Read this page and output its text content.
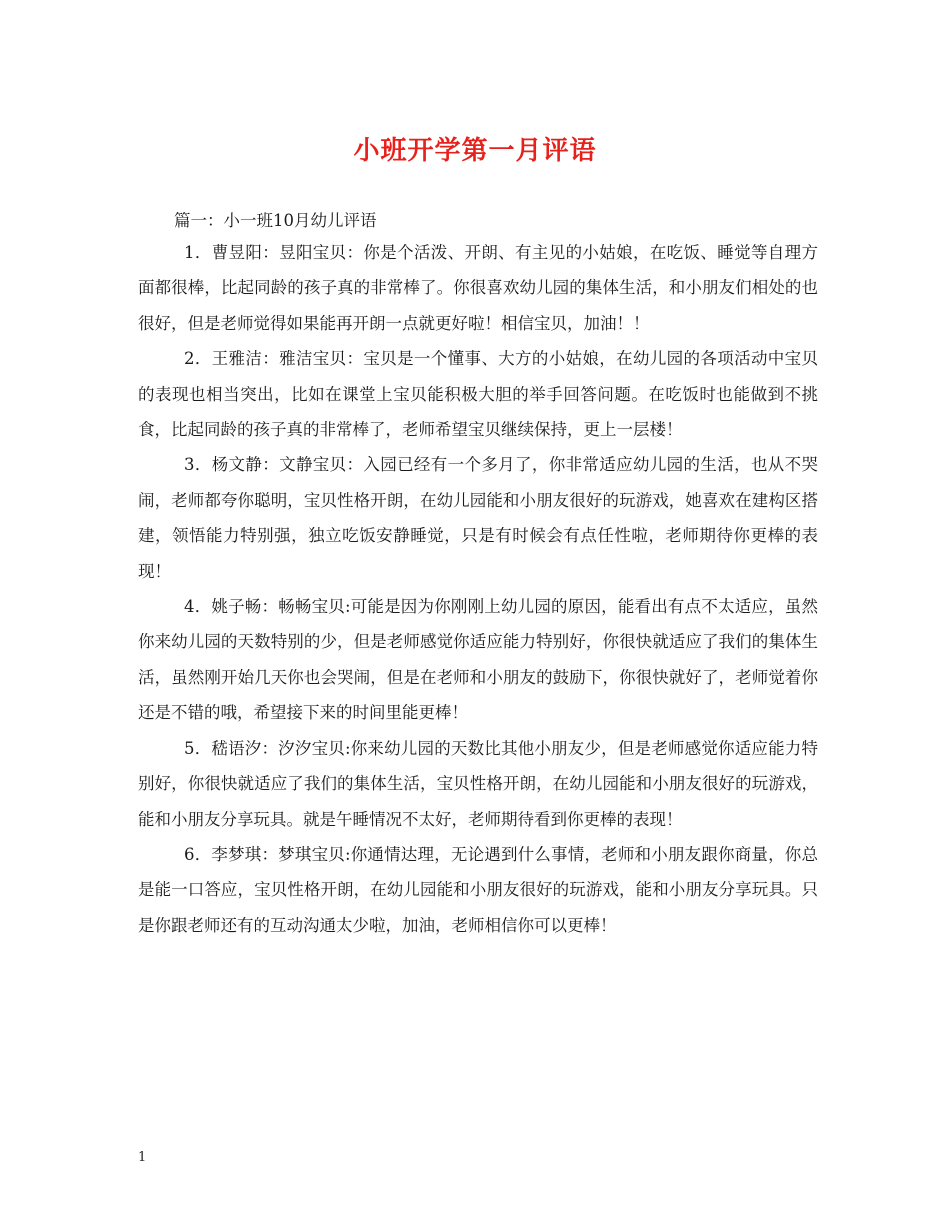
小班开学第一月评语

篇一：小一班10月幼儿评语

1．曹昱阳：昱阳宝贝：你是个活泼、开朗、有主见的小姑娘，在吃饭、睡觉等自理方面都很棒，比起同龄的孩子真的非常棒了。你很喜欢幼儿园的集体生活，和小朋友们相处的也很好，但是老师觉得如果能再开朗一点就更好啦！相信宝贝，加油！！

2．王雅洁：雅洁宝贝：宝贝是一个懂事、大方的小姑娘，在幼儿园的各项活动中宝贝的表现也相当突出，比如在课堂上宝贝能积极大胆的举手回答问题。在吃饭时也能做到不挑食，比起同龄的孩子真的非常棒了，老师希望宝贝继续保持，更上一层楼！

3．杨文静：文静宝贝：入园已经有一个多月了，你非常适应幼儿园的生活，也从不哭闹，老师都夸你聪明，宝贝性格开朗，在幼儿园能和小朋友很好的玩游戏，她喜欢在建构区搭建，领悟能力特别强，独立吃饭安静睡觉，只是有时候会有点任性啦，老师期待你更棒的表现！

4．姚子畅：畅畅宝贝:可能是因为你刚刚上幼儿园的原因，能看出有点不太适应，虽然你来幼儿园的天数特别的少，但是老师感觉你适应能力特别好，你很快就适应了我们的集体生活，虽然刚开始几天你也会哭闹，但是在老师和小朋友的鼓励下，你很快就好了，老师觉着你还是不错的哦，希望接下来的时间里能更棒！

5．嵇语汐：汐汐宝贝:你来幼儿园的天数比其他小朋友少，但是老师感觉你适应能力特别好，你很快就适应了我们的集体生活，宝贝性格开朗，在幼儿园能和小朋友很好的玩游戏，能和小朋友分享玩具。就是午睡情况不太好，老师期待看到你更棒的表现！

6．李梦琪：梦琪宝贝:你通情达理，无论遇到什么事情，老师和小朋友跟你商量，你总是能一口答应，宝贝性格开朗，在幼儿园能和小朋友很好的玩游戏，能和小朋友分享玩具。只是你跟老师还有的互动沟通太少啦，加油，老师相信你可以更棒！

1
